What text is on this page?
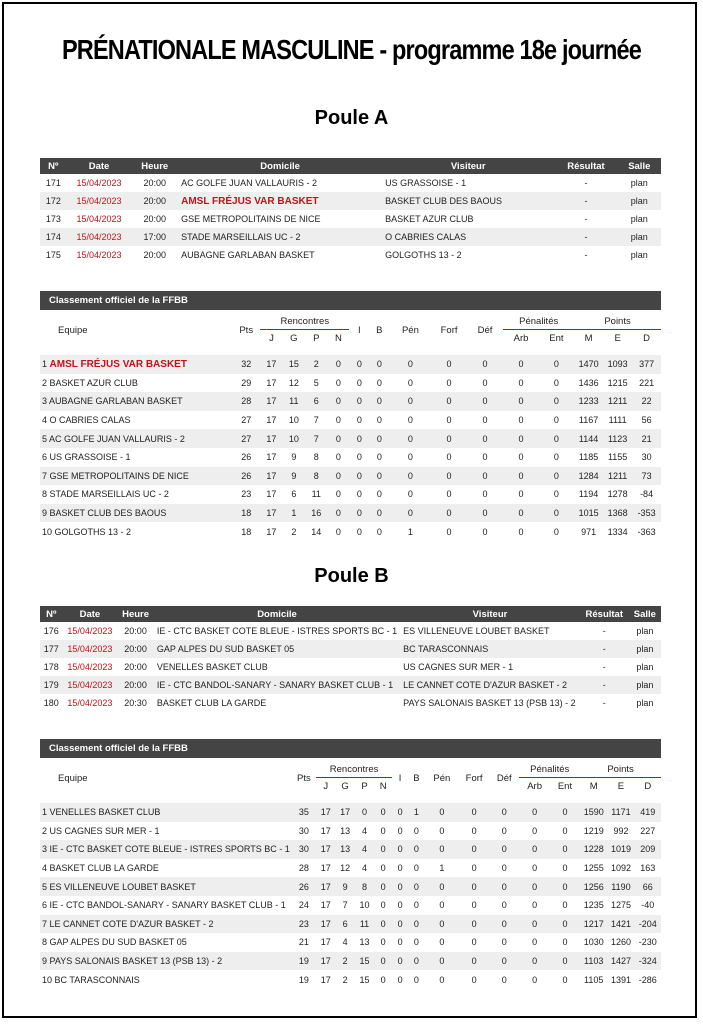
PRÉNATIONALE MASCULINE - programme 18e journée
Poule A
Nº	Date	Heure	Domicile	Visiteur	Résultat	Salle
171	15/04/2023	20:00	AC GOLFE JUAN VALLAURIS - 2	US GRASSOISE - 1	-	plan
172	15/04/2023	20:00	AMSL FRÉJUS VAR BASKET	BASKET CLUB DES BAOUS	-	plan
173	15/04/2023	20:00	GSE METROPOLITAINS DE NICE	BASKET AZUR CLUB	-	plan
174	15/04/2023	17:00	STADE MARSEILLAIS UC - 2	O CABRIES CALAS	-	plan
175	15/04/2023	20:00	AUBAGNE GARLABAN BASKET	GOLGOTHS 13 - 2	-	plan
Classement officiel de la FFBB
Equipe	Pts	Rencontres				I	B	Pén	Forf	Déf	Pénalités		Points		
		J	G	P	N						Arb	Ent	M	E	D

1 AMSL FRÉJUS VAR BASKET	32	17	15	2	0	0	0	0	0	0	0	0	1470	1093	377
2 BASKET AZUR CLUB	29	17	12	5	0	0	0	0	0	0	0	0	1436	1215	221
3 AUBAGNE GARLABAN BASKET	28	17	11	6	0	0	0	0	0	0	0	0	1233	1211	22
4 O CABRIES CALAS	27	17	10	7	0	0	0	0	0	0	0	0	1167	1111	56
5 AC GOLFE JUAN VALLAURIS - 2	27	17	10	7	0	0	0	0	0	0	0	0	1144	1123	21
6 US GRASSOISE - 1	26	17	9	8	0	0	0	0	0	0	0	0	1185	1155	30
7 GSE METROPOLITAINS DE NICE	26	17	9	8	0	0	0	0	0	0	0	0	1284	1211	73
8 STADE MARSEILLAIS UC - 2	23	17	6	11	0	0	0	0	0	0	0	0	1194	1278	-84
9 BASKET CLUB DES BAOUS	18	17	1	16	0	0	0	0	0	0	0	0	1015	1368	-353
10 GOLGOTHS 13 - 2	18	17	2	14	0	0	0	1	0	0	0	0	971	1334	-363
Poule B
Nº	Date	Heure	Domicile	Visiteur	Résultat	Salle
176	15/04/2023	20:00	IE - CTC BASKET COTE BLEUE - ISTRES SPORTS BC - 1	ES VILLENEUVE LOUBET BASKET	-	plan
177	15/04/2023	20:00	GAP ALPES DU SUD BASKET 05	BC TARASCONNAIS	-	plan
178	15/04/2023	20:00	VENELLES BASKET CLUB	US CAGNES SUR MER - 1	-	plan
179	15/04/2023	20:00	IE - CTC BANDOL-SANARY - SANARY BASKET CLUB - 1	LE CANNET COTE D'AZUR BASKET - 2	-	plan
180	15/04/2023	20:30	BASKET CLUB LA GARDE	PAYS SALONAIS BASKET 13 (PSB 13) - 2	-	plan
Classement officiel de la FFBB
Equipe	Pts	Rencontres				I	B	Pén	Forf	Déf	Pénalités		Points		
		J	G	P	N						Arb	Ent	M	E	D

1 VENELLES BASKET CLUB	35	17	17	0	0	0	1	0	0	0	0	0	1590	1171	419
2 US CAGNES SUR MER - 1	30	17	13	4	0	0	0	0	0	0	0	0	1219	992	227
3 IE - CTC BASKET COTE BLEUE - ISTRES SPORTS BC - 1	30	17	13	4	0	0	0	0	0	0	0	0	1228	1019	209
4 BASKET CLUB LA GARDE	28	17	12	4	0	0	0	1	0	0	0	0	1255	1092	163
5 ES VILLENEUVE LOUBET BASKET	26	17	9	8	0	0	0	0	0	0	0	0	1256	1190	66
6 IE - CTC BANDOL-SANARY - SANARY BASKET CLUB - 1	24	17	7	10	0	0	0	0	0	0	0	0	1235	1275	-40
7 LE CANNET COTE D'AZUR BASKET - 2	23	17	6	11	0	0	0	0	0	0	0	0	1217	1421	-204
8 GAP ALPES DU SUD BASKET 05	21	17	4	13	0	0	0	0	0	0	0	0	1030	1260	-230
9 PAYS SALONAIS BASKET 13 (PSB 13) - 2	19	17	2	15	0	0	0	0	0	0	0	0	1103	1427	-324
10 BC TARASCONNAIS	19	17	2	15	0	0	0	0	0	0	0	0	1105	1391	-286
